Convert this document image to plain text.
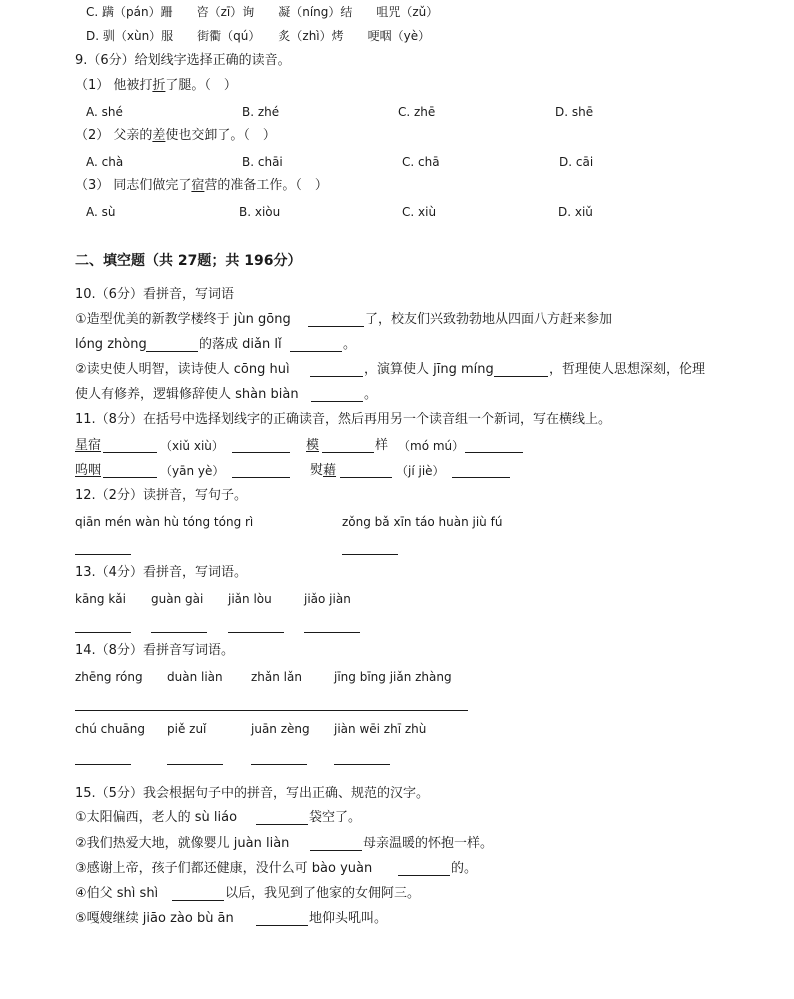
C. 蹒（pán）跚　　咨（zī）询　　凝（níng）结　　咀咒（zǔ）
D. 驯（xùn）服　　街衢（qú）　　炙（zhì）烤　　哽咽（yè）
9.（6分）给划线字选择正确的读音。
（1） 他被打折了腿。（　）
A. shé	B. zhé	C. zhē	D. shē
（2） 父亲的差使也交卸了。（　）
A. chà	B. chāi	C. chā	D. cāi
（3） 同志们做完了宿营的准备工作。（　）
A. sù	B. xiòu	C. xiù	D. xiǔ
二、填空题（共 27题；共 196分）
10.（6分）看拼音，写词语
①造型优美的新教学楼终于 jùn gōng	了，校友们兴致勃勃地从四面八方赶来参加
lóng zhòng	的落成 diǎn lǐ	。
②读史使人明智，读诗使人 cōng huì	，演算使人 jīng míng	，哲理使人思想深刻，伦理
使人有修养，逻辑修辞使人 shàn biàn	。
11.（8分）在括号中选择划线字的正确读音，然后再用另一个读音组一个新词，写在横线上。
星宿	（xiǔ xiù）	模	样 （mó mú）
呜咽	（yān yè）	熨藉	（jí jiè）
12.（2分）读拼音，写句子。
qiān mén wàn hù tóng tóng rì	zǒng bǎ xīn táo huàn jiù fú
13.（4分）看拼音，写词语。
kāng kǎi guàn gài jiǎn lòu	jiǎo jiàn
14.（8分）看拼音写词语。
zhēng róng duàn liàn zhǎn lǎn	jīng bīng jiǎn zhàng
chú chuāng piě zuǐ	juān zèng jiàn wēi zhī zhù
15.（5分）我会根据句子中的拼音，写出正确、规范的汉字。
①太阳偏西，老人的 sù liáo	袋空了。
②我们热爱大地，就像婴儿 juàn liàn	母亲温暖的怀抱一样。
③感谢上帝，孩子们都还健康，没什么可 bào yuàn	的。
④伯父 shì shì	以后，我见到了他家的女佣阿三。
⑤嘎嫂继续 jiāo zào bù ān	地仰头吼叫。
